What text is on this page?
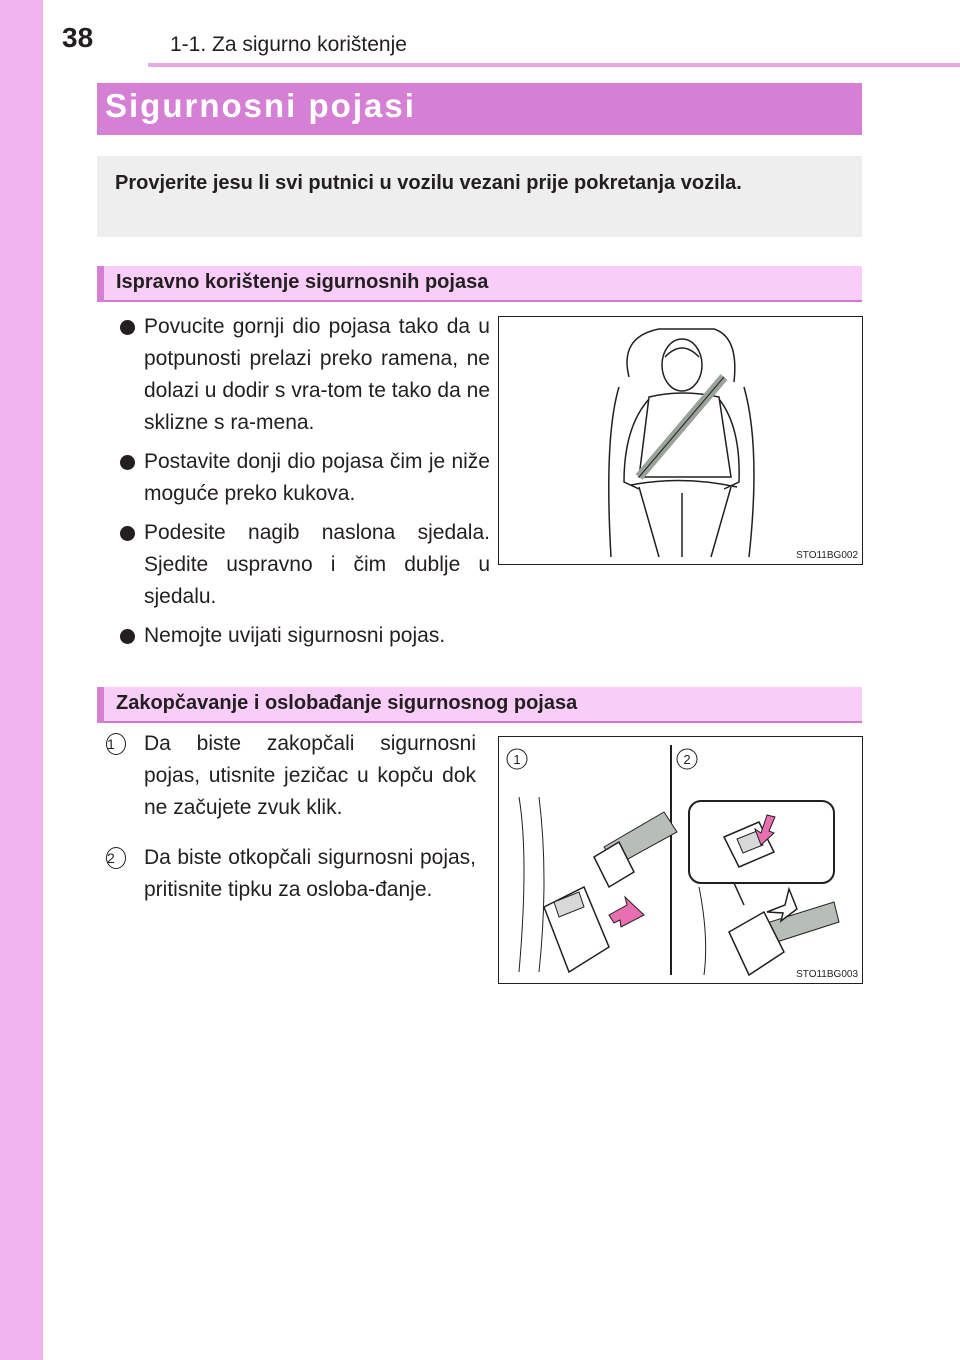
38	1-1. Za sigurno korištenje
Sigurnosni pojasi
Provjerite jesu li svi putnici u vozilu vezani prije pokretanja vozila.
Ispravno korištenje sigurnosnih pojasa
Povucite gornji dio pojasa tako da u potpunosti prelazi preko ramena, ne dolazi u dodir s vra-tom te tako da ne sklizne s ra-mena.
Postavite donji dio pojasa čim je niže moguće preko kukova.
Podesite nagib naslona sjedala. Sjedite uspravno i čim dublje u sjedalu.
Nemojte uvijati sigurnosni pojas.
STO11BG002
Zakopčavanje i oslobađanje sigurnosnog pojasa
1	Da biste zakopčali sigurnosni pojas, utisnite jezičac u kopču dok ne začujete zvuk klik.
2	Da biste otkopčali sigurnosni pojas, pritisnite tipku za osloba-đanje.
1	2
STO11BG003
